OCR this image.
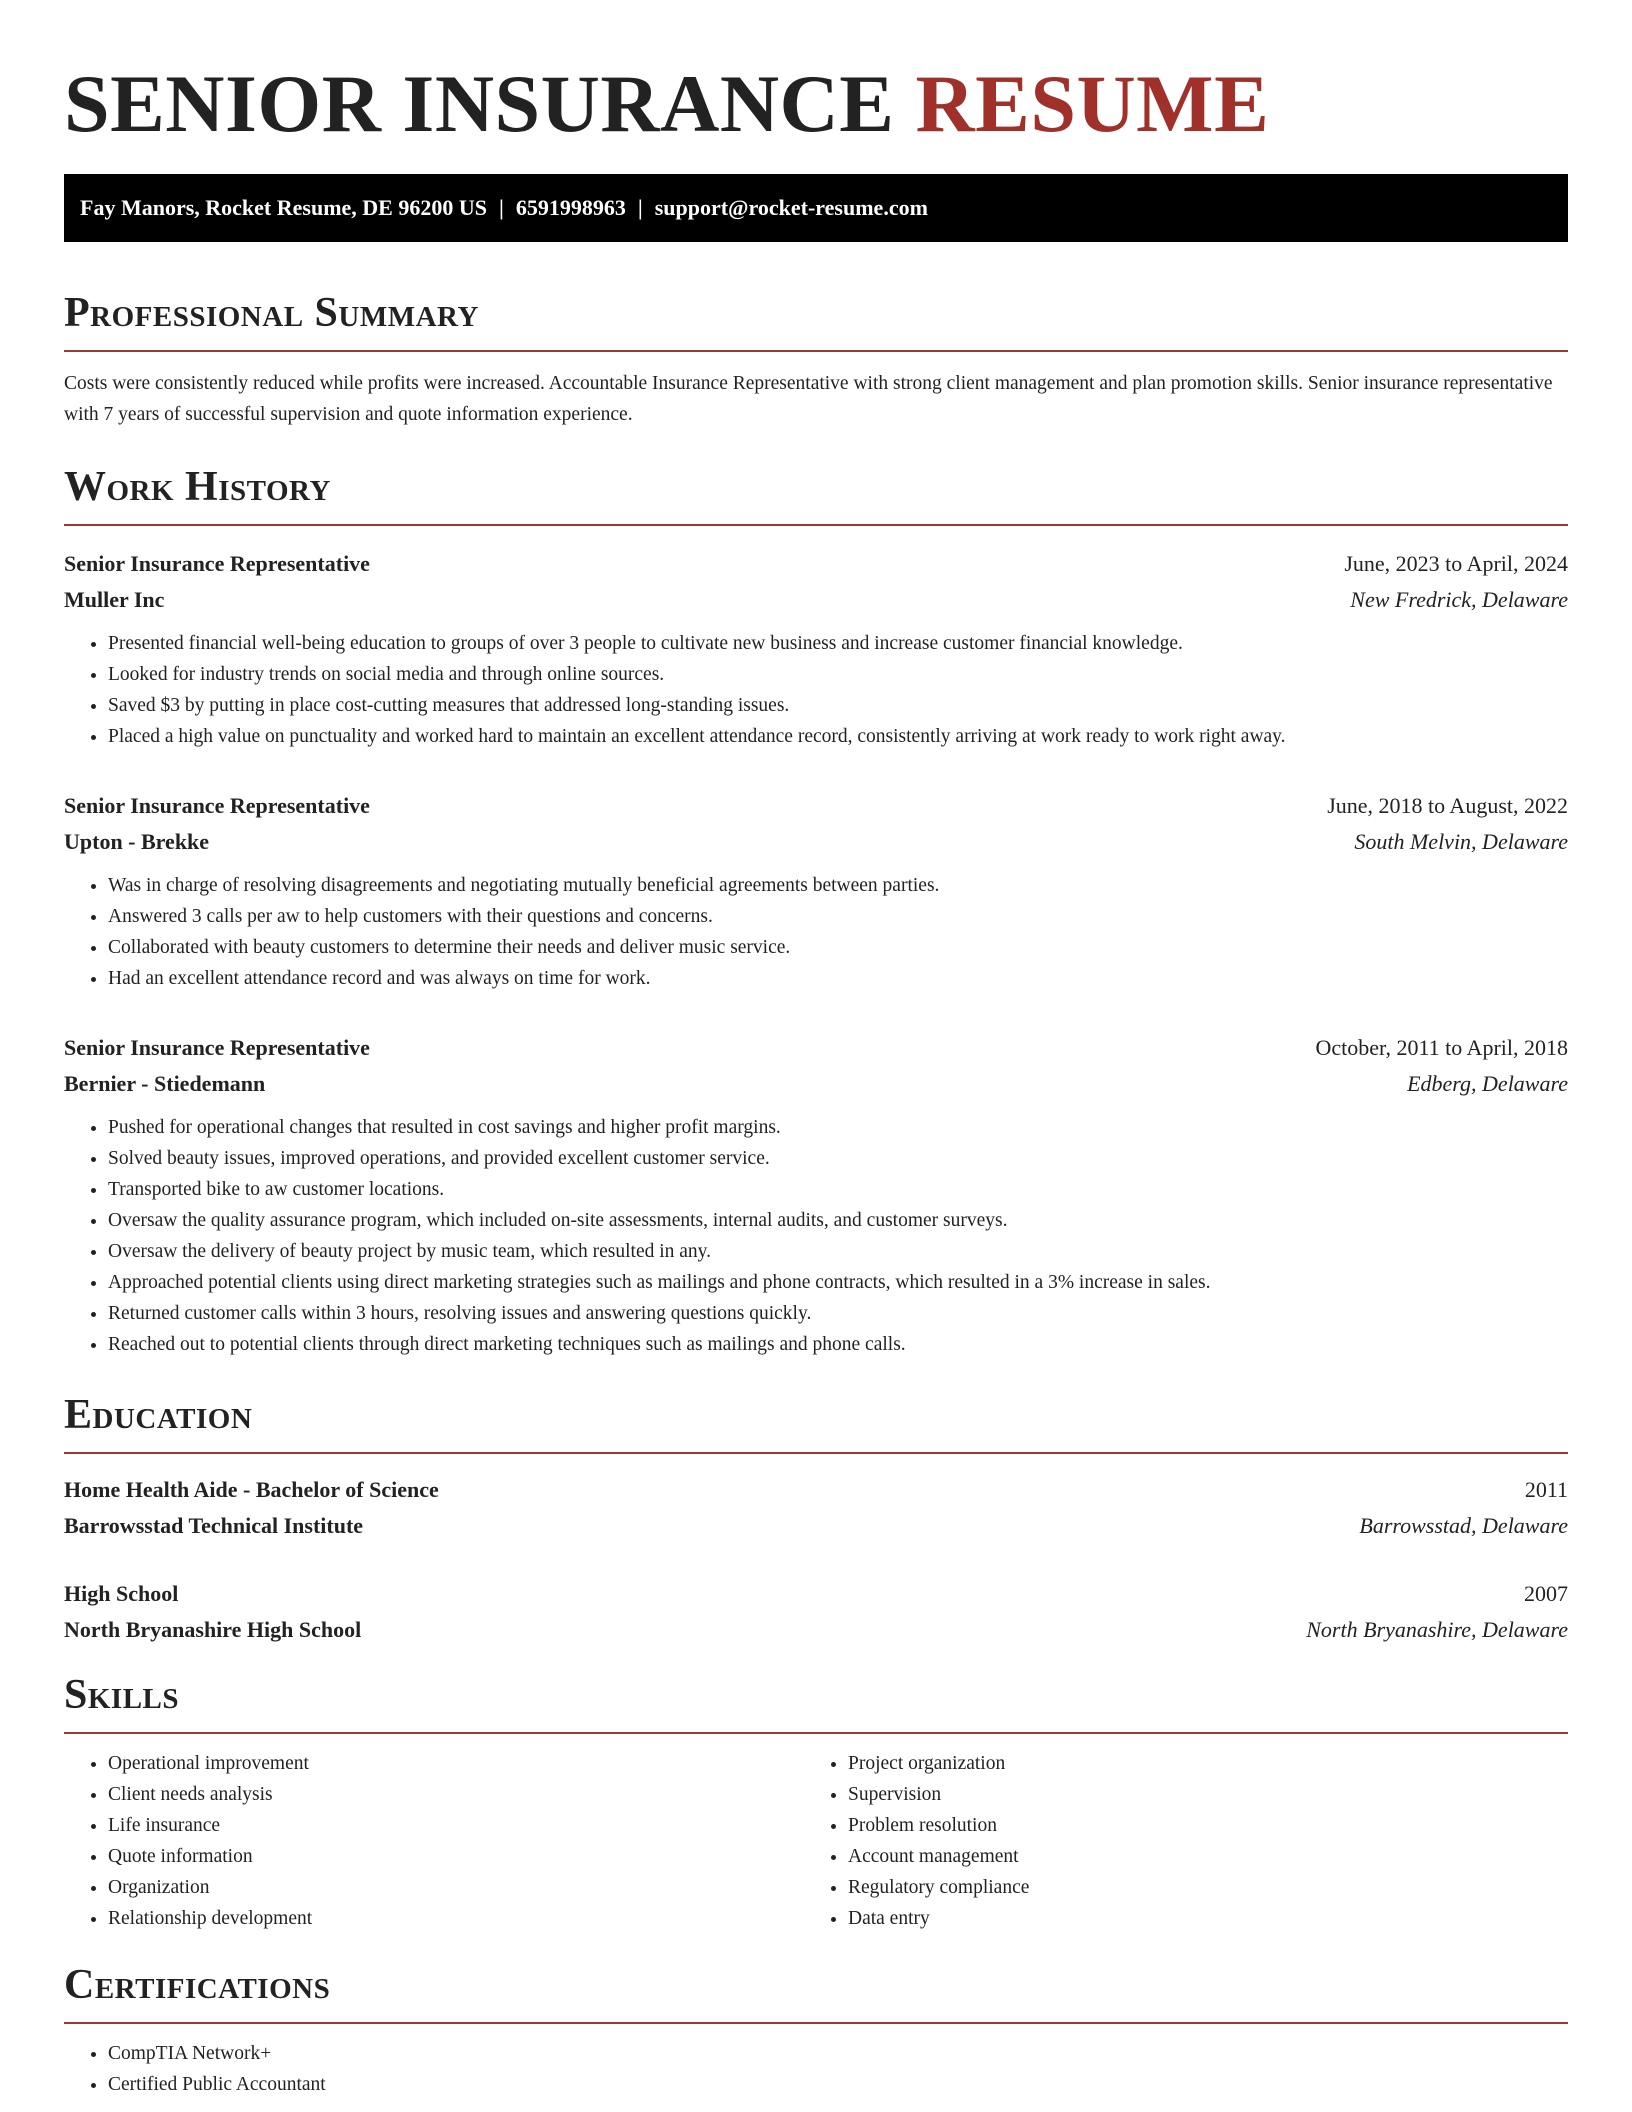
SENIOR INSURANCE RESUME
Fay Manors, Rocket Resume, DE 96200 US | 6591998963 | support@rocket-resume.com
Professional Summary

Costs were consistently reduced while profits were increased. Accountable Insurance Representative with strong client management and plan promotion skills. Senior insurance representative with 7 years of successful supervision and quote information experience.

Work History
Senior Insurance Representative	June, 2023 to April, 2024
Muller Inc	New Fredrick, Delaware
• Presented financial well-being education to groups of over 3 people to cultivate new business and increase customer financial knowledge.
• Looked for industry trends on social media and through online sources.
• Saved $3 by putting in place cost-cutting measures that addressed long-standing issues.
• Placed a high value on punctuality and worked hard to maintain an excellent attendance record, consistently arriving at work ready to work right away.
Senior Insurance Representative	June, 2018 to August, 2022
Upton - Brekke	South Melvin, Delaware
• Was in charge of resolving disagreements and negotiating mutually beneficial agreements between parties.
• Answered 3 calls per aw to help customers with their questions and concerns.
• Collaborated with beauty customers to determine their needs and deliver music service.
• Had an excellent attendance record and was always on time for work.
Senior Insurance Representative	October, 2011 to April, 2018
Bernier - Stiedemann	Edberg, Delaware
• Pushed for operational changes that resulted in cost savings and higher profit margins.
• Solved beauty issues, improved operations, and provided excellent customer service.
• Transported bike to aw customer locations.
• Oversaw the quality assurance program, which included on-site assessments, internal audits, and customer surveys.
• Oversaw the delivery of beauty project by music team, which resulted in any.
• Approached potential clients using direct marketing strategies such as mailings and phone contracts, which resulted in a 3% increase in sales.
• Returned customer calls within 3 hours, resolving issues and answering questions quickly.
• Reached out to potential clients through direct marketing techniques such as mailings and phone calls.
Education
Home Health Aide - Bachelor of Science	2011
Barrowsstad Technical Institute	Barrowsstad, Delaware
High School	2007
North Bryanashire High School	North Bryanashire, Delaware
Skills
• Operational improvement
• Client needs analysis
• Life insurance
• Quote information
• Organization
• Relationship development
• Project organization
• Supervision
• Problem resolution
• Account management
• Regulatory compliance
• Data entry
Certifications
• CompTIA Network+
• Certified Public Accountant
